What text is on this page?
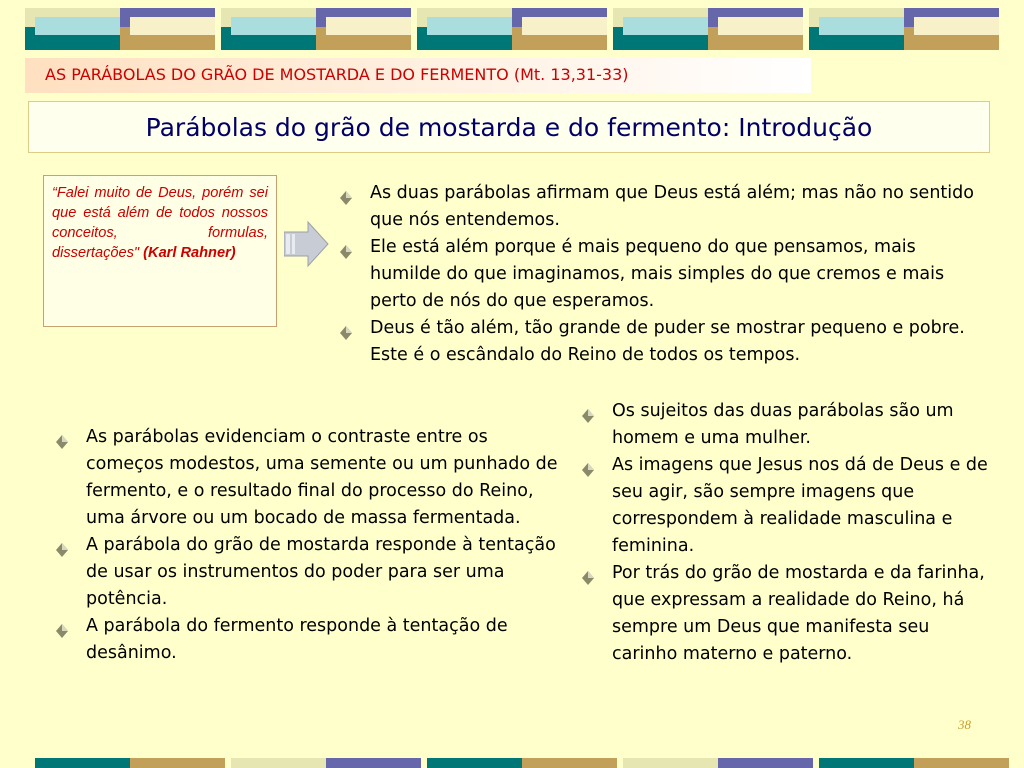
AS PARÁBOLAS DO GRÃO DE MOSTARDA E DO FERMENTO (Mt. 13,31-33)
Parábolas do grão de mostarda e do fermento: Introdução
“Falei muito de Deus, porém sei que está além de todos nossos conceitos, formulas, dissertações" (Karl Rahner)
As duas parábolas afirmam que Deus está além; mas não no sentido que nós entendemos.
Ele está além porque é mais pequeno do que pensamos, mais humilde do que imaginamos, mais simples do que cremos e mais perto de nós do que esperamos.
Deus é tão além, tão grande de puder se mostrar pequeno e pobre. Este é o escândalo do Reino de todos os tempos.
As parábolas evidenciam o contraste entre os começos modestos, uma semente ou um punhado de fermento, e o resultado final do processo do Reino, uma árvore ou um bocado de massa fermentada.
A parábola do grão de mostarda responde à tentação de usar os instrumentos do poder para ser uma potência.
A parábola do fermento responde à tentação de desânimo.
Os sujeitos das duas parábolas são um homem e uma mulher.
As imagens que Jesus nos dá de Deus e de seu agir, são sempre imagens que correspondem à realidade masculina e feminina.
Por trás do grão de mostarda e da farinha, que expressam a realidade do Reino, há sempre um Deus que manifesta seu carinho materno e paterno.
38
